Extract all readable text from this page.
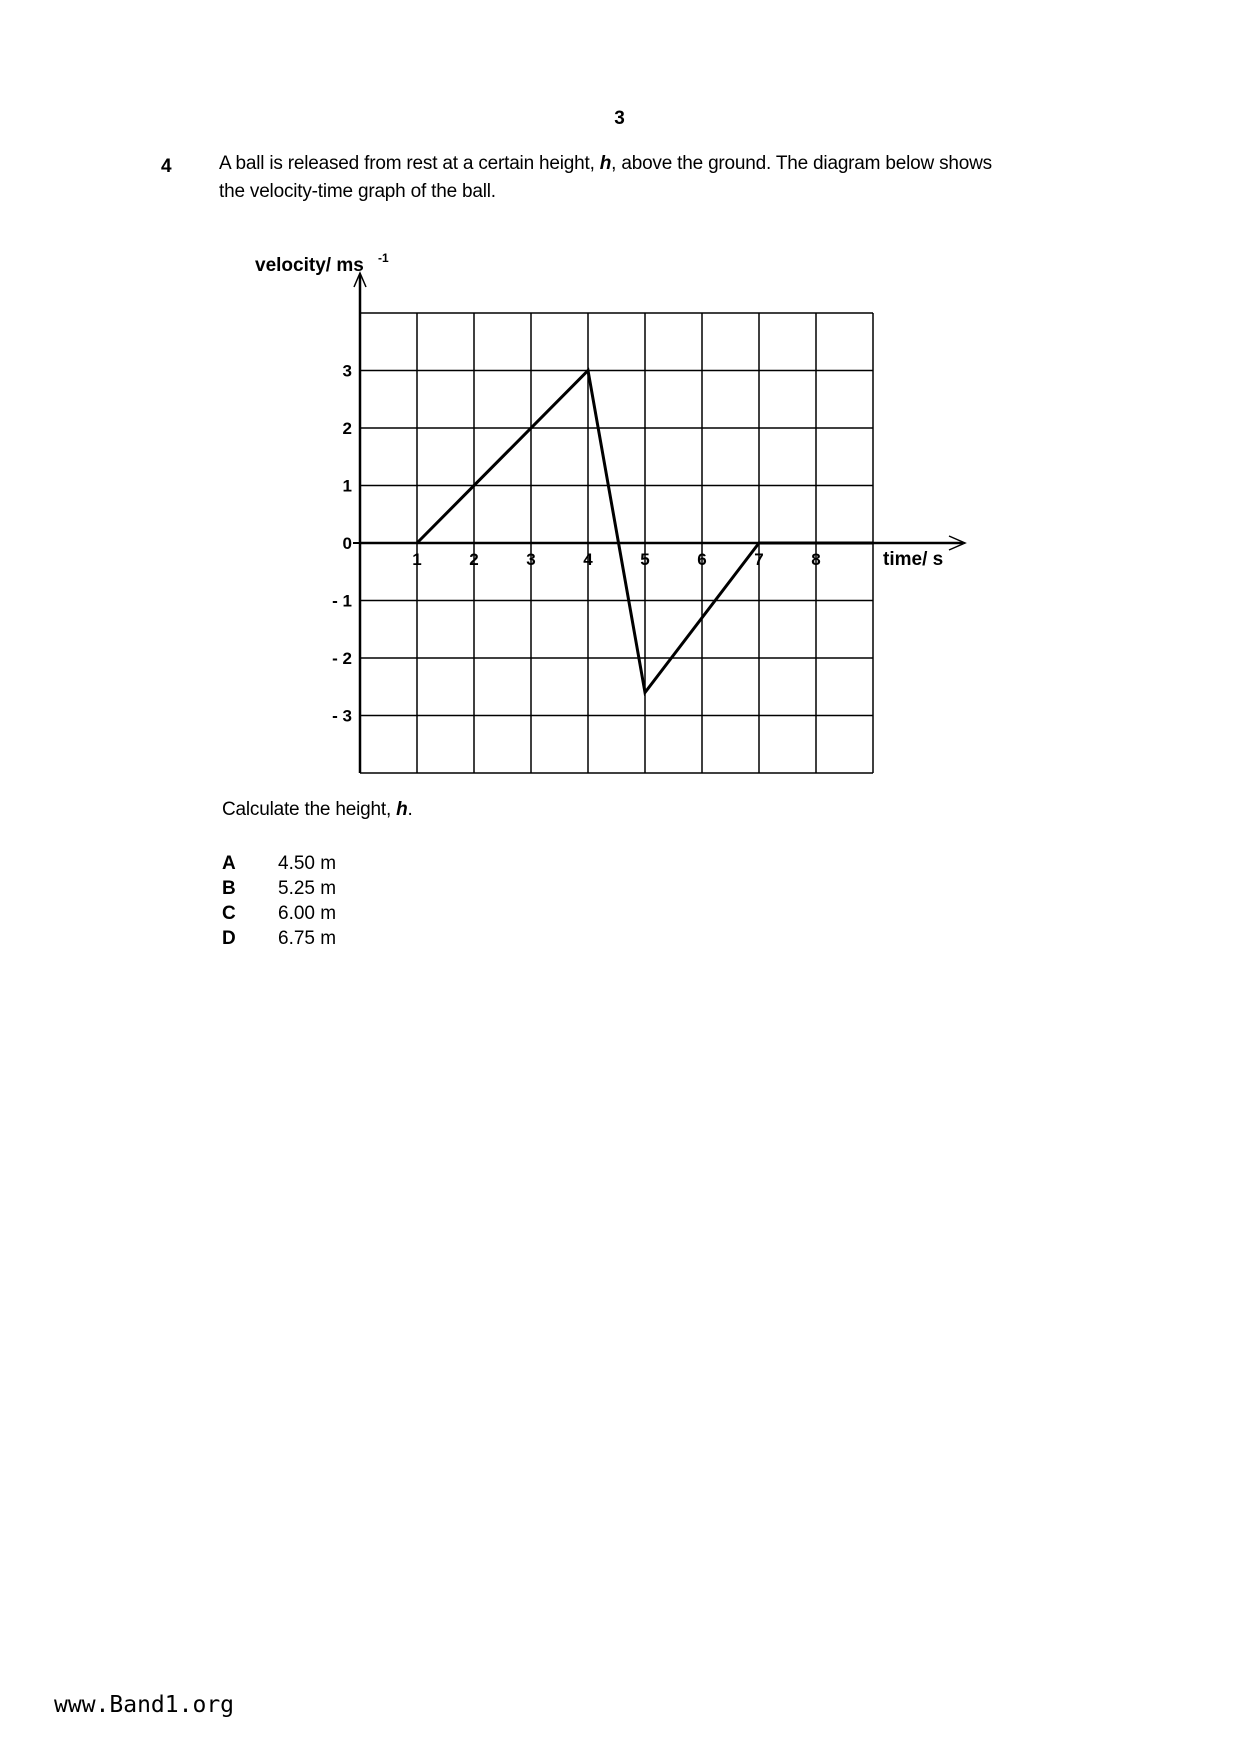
3
4 A ball is released from rest at a certain height, h, above the ground. The diagram below shows the velocity-time graph of the ball.
1	2	3	4	5	6	7	8
3
2
1
0
- 1
- 2
- 3
velocity/ ms -1
time/ s
Calculate the height, h.
A 4.50 m
B 5.25 m
C 6.00 m
D 6.75 m
www.Band1.org
